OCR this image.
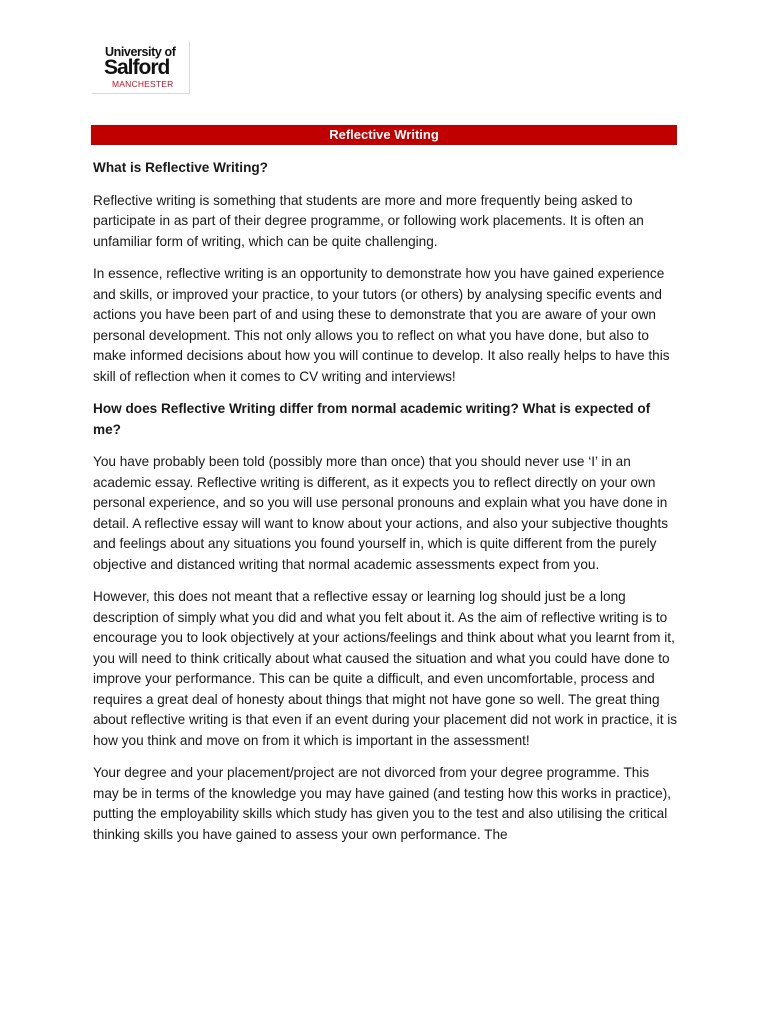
University of
Salford
MANCHESTER
Reflective Writing
What is Reflective Writing?

Reflective writing is something that students are more and more frequently being asked to participate in as part of their degree programme, or following work placements. It is often an unfamiliar form of writing, which can be quite challenging.

In essence, reflective writing is an opportunity to demonstrate how you have gained experience and skills, or improved your practice, to your tutors (or others) by analysing specific events and actions you have been part of and using these to demonstrate that you are aware of your own personal development. This not only allows you to reflect on what you have done, but also to make informed decisions about how you will continue to develop. It also really helps to have this skill of reflection when it comes to CV writing and interviews!

How does Reflective Writing differ from normal academic writing? What is expected of me?

You have probably been told (possibly more than once) that you should never use ‘I’ in an academic essay. Reflective writing is different, as it expects you to reflect directly on your own personal experience, and so you will use personal pronouns and explain what you have done in detail. A reflective essay will want to know about your actions, and also your subjective thoughts and feelings about any situations you found yourself in, which is quite different from the purely objective and distanced writing that normal academic assessments expect from you.

However, this does not meant that a reflective essay or learning log should just be a long description of simply what you did and what you felt about it. As the aim of reflective writing is to encourage you to look objectively at your actions/feelings and think about what you learnt from it, you will need to think critically about what caused the situation and what you could have done to improve your performance. This can be quite a difficult, and even uncomfortable, process and requires a great deal of honesty about things that might not have gone so well. The great thing about reflective writing is that even if an event during your placement did not work in practice, it is how you think and move on from it which is important in the assessment!

Your degree and your placement/project are not divorced from your degree programme. This may be in terms of the knowledge you may have gained (and testing how this works in practice), putting the employability skills which study has given you to the test and also utilising the critical thinking skills you have gained to assess your own performance. The
